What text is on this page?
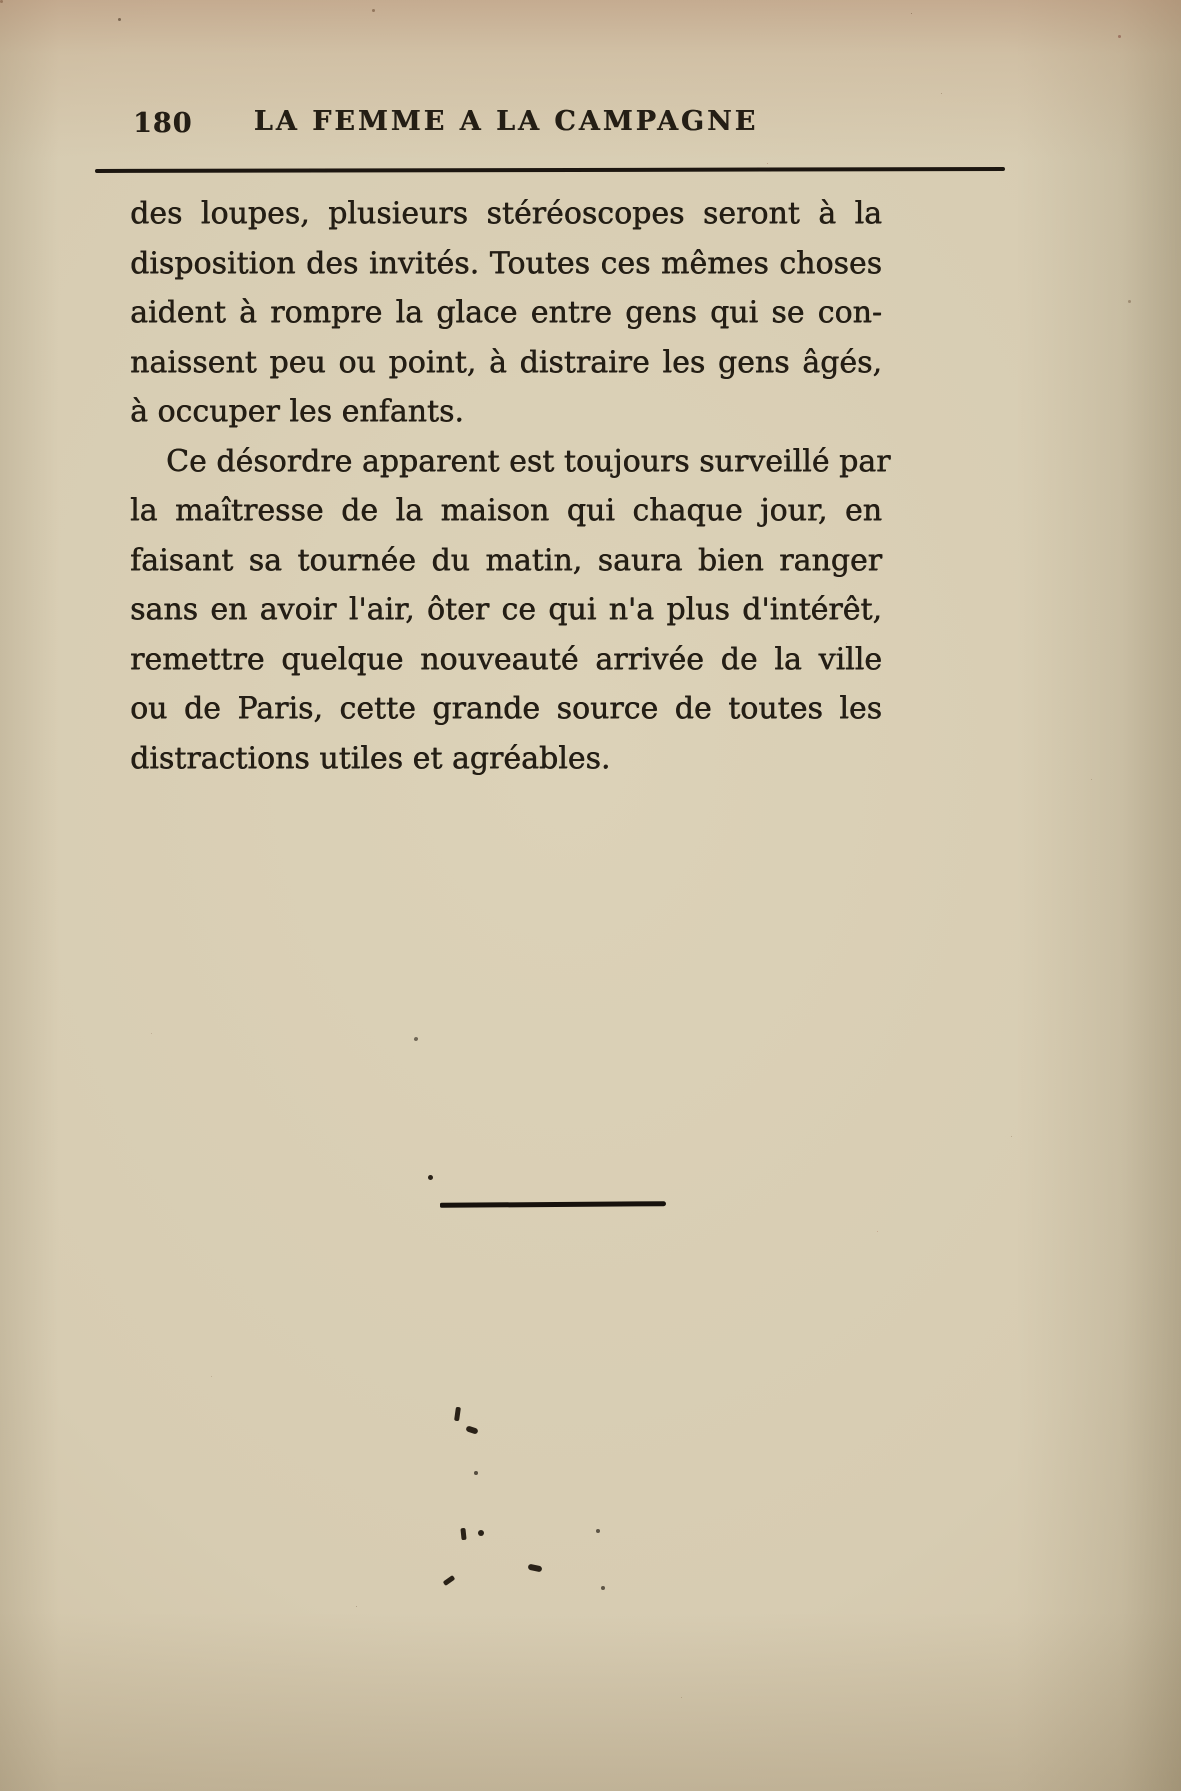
180	LA FEMME A LA CAMPAGNE
des loupes, plusieurs stéréoscopes seront à la
disposition des invités. Toutes ces mêmes choses
aident à rompre la glace entre gens qui se con-
naissent peu ou point, à distraire les gens âgés,
à occuper les enfants.
Ce désordre apparent est toujours surveillé par
la maîtresse de la maison qui chaque jour, en
faisant sa tournée du matin, saura bien ranger
sans en avoir l'air, ôter ce qui n'a plus d'intérêt,
remettre quelque nouveauté arrivée de la ville
ou de Paris, cette grande source de toutes les
distractions utiles et agréables.
